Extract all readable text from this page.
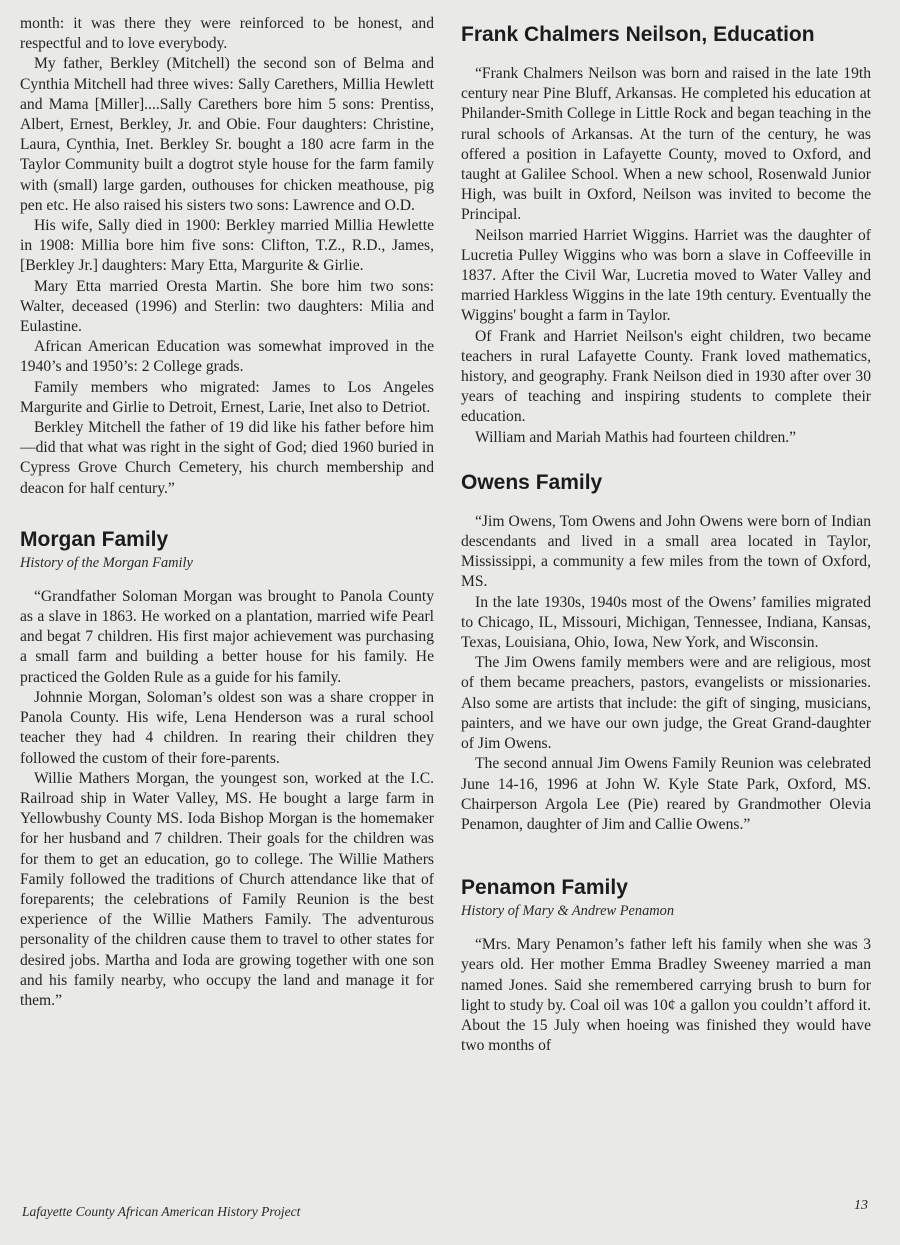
month: it was there they were reinforced to be honest, and respectful and to love everybody.

My father, Berkley (Mitchell) the second son of Belma and Cynthia Mitchell had three wives: Sally Carethers, Millia Hewlett and Mama [Miller]....Sally Carethers bore him 5 sons: Prentiss, Albert, Ernest, Berkley, Jr. and Obie. Four daughters: Christine, Laura, Cynthia, Inet. Berkley Sr. bought a 180 acre farm in the Taylor Community built a dogtrot style house for the farm family with (small) large garden, outhouses for chicken meathouse, pig pen etc. He also raised his sisters two sons: Lawrence and O.D.

His wife, Sally died in 1900: Berkley married Millia Hewlette in 1908: Millia bore him five sons: Clifton, T.Z., R.D., James, [Berkley Jr.] daughters: Mary Etta, Margurite & Girlie.

Mary Etta married Oresta Martin. She bore him two sons: Walter, deceased (1996) and Sterlin: two daughters: Milia and Eulastine.

African American Education was somewhat improved in the 1940’s and 1950’s: 2 College grads.

Family members who migrated: James to Los Angeles Margurite and Girlie to Detroit, Ernest, Larie, Inet also to Detriot.

Berkley Mitchell the father of 19 did like his father before him—did that what was right in the sight of God; died 1960 buried in Cypress Grove Church Cemetery, his church membership and deacon for half century.”

Morgan Family
History of the Morgan Family

“Grandfather Soloman Morgan was brought to Panola County as a slave in 1863. He worked on a plantation, married wife Pearl and begat 7 children. His first major achievement was purchasing a small farm and building a better house for his family. He practiced the Golden Rule as a guide for his family.

Johnnie Morgan, Soloman’s oldest son was a share cropper in Panola County. His wife, Lena Henderson was a rural school teacher they had 4 children. In rearing their children they followed the custom of their fore-parents.

Willie Mathers Morgan, the youngest son, worked at the I.C. Railroad ship in Water Valley, MS. He bought a large farm in Yellowbushy County MS. Ioda Bishop Morgan is the homemaker for her husband and 7 children. Their goals for the children was for them to get an education, go to college. The Willie Mathers Family followed the traditions of Church attendance like that of foreparents; the celebrations of Family Reunion is the best experience of the Willie Mathers Family. The adventurous personality of the children cause them to travel to other states for desired jobs. Martha and Ioda are growing together with one son and his family nearby, who occupy the land and manage it for them.”

Frank Chalmers Neilson, Education

“Frank Chalmers Neilson was born and raised in the late 19th century near Pine Bluff, Arkansas. He completed his education at Philander-Smith College in Little Rock and began teaching in the rural schools of Arkansas. At the turn of the century, he was offered a position in Lafayette County, moved to Oxford, and taught at Galilee School. When a new school, Rosenwald Junior High, was built in Oxford, Neilson was invited to become the Principal.

Neilson married Harriet Wiggins. Harriet was the daughter of Lucretia Pulley Wiggins who was born a slave in Coffeeville in 1837. After the Civil War, Lucretia moved to Water Valley and married Harkless Wiggins in the late 19th century. Eventually the Wiggins' bought a farm in Taylor.

Of Frank and Harriet Neilson's eight children, two became teachers in rural Lafayette County. Frank loved mathematics, history, and geography. Frank Neilson died in 1930 after over 30 years of teaching and inspiring students to complete their education.

William and Mariah Mathis had fourteen children.”

Owens Family

“Jim Owens, Tom Owens and John Owens were born of Indian descendants and lived in a small area located in Taylor, Mississippi, a community a few miles from the town of Oxford, MS.

In the late 1930s, 1940s most of the Owens’ families migrated to Chicago, IL, Missouri, Michigan, Tennessee, Indiana, Kansas, Texas, Louisiana, Ohio, Iowa, New York, and Wisconsin.

The Jim Owens family members were and are religious, most of them became preachers, pastors, evangelists or missionaries. Also some are artists that include: the gift of singing, musicians, painters, and we have our own judge, the Great Grand-daughter of Jim Owens.

The second annual Jim Owens Family Reunion was celebrated June 14-16, 1996 at John W. Kyle State Park, Oxford, MS. Chairperson Argola Lee (Pie) reared by Grandmother Olevia Penamon, daughter of Jim and Callie Owens.”

Penamon Family
History of Mary & Andrew Penamon

“Mrs. Mary Penamon’s father left his family when she was 3 years old. Her mother Emma Bradley Sweeney married a man named Jones. Said she remembered carrying brush to burn for light to study by. Coal oil was 10¢ a gallon you couldn’t afford it. About the 15 July when hoeing was finished they would have two months of

Lafayette County African American History Project	13
